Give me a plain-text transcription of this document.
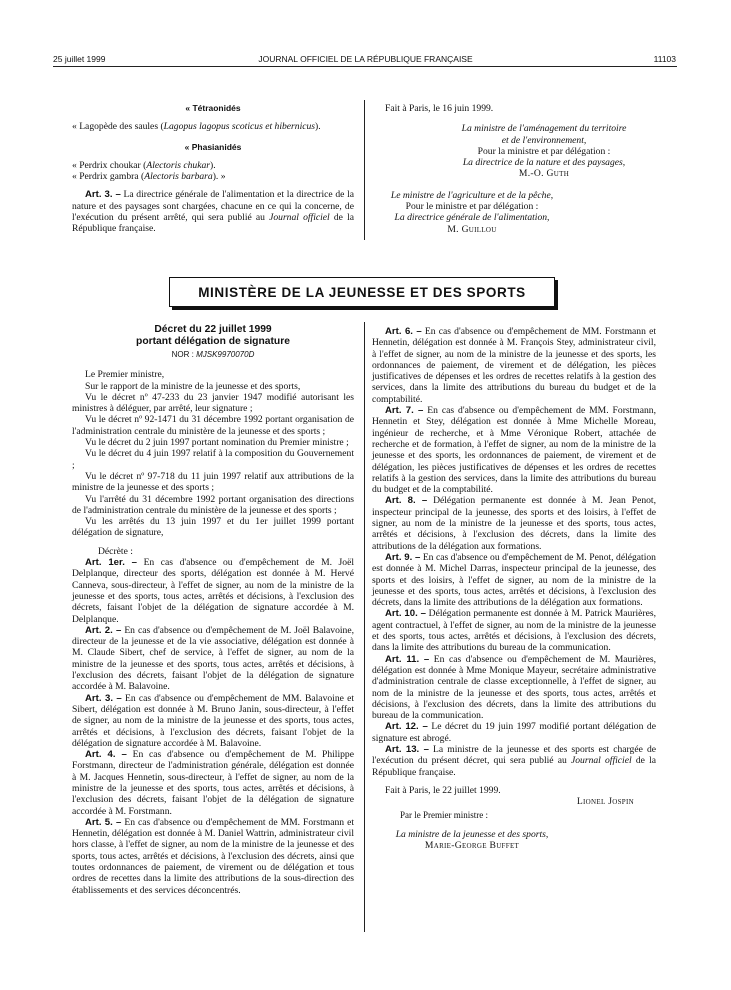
25 juillet 1999	JOURNAL OFFICIEL DE LA RÉPUBLIQUE FRANÇAISE	11103

« Tétraonidés

« Lagopède des saules (Lagopus lagopus scoticus et hibernicus).

« Phasianidés

« Perdrix choukar (Alectoris chukar).

« Perdrix gambra (Alectoris barbara). »

Art. 3. – La directrice générale de l'alimentation et la directrice de la nature et des paysages sont chargées, chacune en ce qui la concerne, de l'exécution du présent arrêté, qui sera publié au Journal officiel de la République française.

Fait à Paris, le 16 juin 1999.

La ministre de l'aménagement du territoire

et de l'environnement,

Pour la ministre et par délégation :

La directrice de la nature et des paysages,

M.-O. Guth

Le ministre de l'agriculture et de la pêche,

Pour le ministre et par délégation :

La directrice générale de l'alimentation,

M. Guillou

MINISTÈRE DE LA JEUNESSE ET DES SPORTS

Décret du 22 juillet 1999

portant délégation de signature

NOR : MJSK9970070D

Le Premier ministre,

Sur le rapport de la ministre de la jeunesse et des sports,

Vu le décret nº 47-233 du 23 janvier 1947 modifié autorisant les ministres à déléguer, par arrêté, leur signature ;

Vu le décret nº 92-1471 du 31 décembre 1992 portant organisation de l'administration centrale du ministère de la jeunesse et des sports ;

Vu le décret du 2 juin 1997 portant nomination du Premier ministre ;

Vu le décret du 4 juin 1997 relatif à la composition du Gouvernement ;

Vu le décret nº 97-718 du 11 juin 1997 relatif aux attributions de la ministre de la jeunesse et des sports ;

Vu l'arrêté du 31 décembre 1992 portant organisation des directions de l'administration centrale du ministère de la jeunesse et des sports ;

Vu les arrêtés du 13 juin 1997 et du 1er juillet 1999 portant délégation de signature,

Décrète :

Art. 1er. – En cas d'absence ou d'empêchement de M. Joël Delplanque, directeur des sports, délégation est donnée à M. Hervé Canneva, sous-directeur, à l'effet de signer, au nom de la ministre de la jeunesse et des sports, tous actes, arrêtés et décisions, à l'exclusion des décrets, faisant l'objet de la délégation de signature accordée à M. Delplanque.

Art. 2. – En cas d'absence ou d'empêchement de M. Joël Balavoine, directeur de la jeunesse et de la vie associative, délégation est donnée à M. Claude Sibert, chef de service, à l'effet de signer, au nom de la ministre de la jeunesse et des sports, tous actes, arrêtés et décisions, à l'exclusion des décrets, faisant l'objet de la délégation de signature accordée à M. Balavoine.

Art. 3. – En cas d'absence ou d'empêchement de MM. Balavoine et Sibert, délégation est donnée à M. Bruno Janin, sous-directeur, à l'effet de signer, au nom de la ministre de la jeunesse et des sports, tous actes, arrêtés et décisions, à l'exclusion des décrets, faisant l'objet de la délégation de signature accordée à M. Balavoine.

Art. 4. – En cas d'absence ou d'empêchement de M. Philippe Forstmann, directeur de l'administration générale, délégation est donnée à M. Jacques Hennetin, sous-directeur, à l'effet de signer, au nom de la ministre de la jeunesse et des sports, tous actes, arrêtés et décisions, à l'exclusion des décrets, faisant l'objet de la délégation de signature accordée à M. Forstmann.

Art. 5. – En cas d'absence ou d'empêchement de MM. Forstmann et Hennetin, délégation est donnée à M. Daniel Wattrin, administrateur civil hors classe, à l'effet de signer, au nom de la ministre de la jeunesse et des sports, tous actes, arrêtés et décisions, à l'exclusion des décrets, ainsi que toutes ordonnances de paiement, de virement ou de délégation et tous ordres de recettes dans la limite des attributions de la sous-direction des établissements et des services déconcentrés.

Art. 6. – En cas d'absence ou d'empêchement de MM. Forstmann et Hennetin, délégation est donnée à M. François Stey, administrateur civil, à l'effet de signer, au nom de la ministre de la jeunesse et des sports, les ordonnances de paiement, de virement et de délégation, les pièces justificatives de dépenses et les ordres de recettes relatifs à la gestion des services, dans la limite des attributions du bureau du budget et de la comptabilité.

Art. 7. – En cas d'absence ou d'empêchement de MM. Forstmann, Hennetin et Stey, délégation est donnée à Mme Michelle Moreau, ingénieur de recherche, et à Mme Véronique Robert, attachée de recherche et de formation, à l'effet de signer, au nom de la ministre de la jeunesse et des sports, les ordonnances de paiement, de virement et de délégation, les pièces justificatives de dépenses et les ordres de recettes relatifs à la gestion des services, dans la limite des attributions du bureau du budget et de la comptabilité.

Art. 8. – Délégation permanente est donnée à M. Jean Penot, inspecteur principal de la jeunesse, des sports et des loisirs, à l'effet de signer, au nom de la ministre de la jeunesse et des sports, tous actes, arrêtés et décisions, à l'exclusion des décrets, dans la limite des attributions de la délégation aux formations.

Art. 9. – En cas d'absence ou d'empêchement de M. Penot, délégation est donnée à M. Michel Darras, inspecteur principal de la jeunesse, des sports et des loisirs, à l'effet de signer, au nom de la ministre de la jeunesse et des sports, tous actes, arrêtés et décisions, à l'exclusion des décrets, dans la limite des attributions de la délégation aux formations.

Art. 10. – Délégation permanente est donnée à M. Patrick Maurières, agent contractuel, à l'effet de signer, au nom de la ministre de la jeunesse et des sports, tous actes, arrêtés et décisions, à l'exclusion des décrets, dans la limite des attributions du bureau de la communication.

Art. 11. – En cas d'absence ou d'empêchement de M. Maurières, délégation est donnée à Mme Monique Mayeur, secrétaire administrative d'administration centrale de classe exceptionnelle, à l'effet de signer, au nom de la ministre de la jeunesse et des sports, tous actes, arrêtés et décisions, à l'exclusion des décrets, dans la limite des attributions du bureau de la communication.

Art. 12. – Le décret du 19 juin 1997 modifié portant délégation de signature est abrogé.

Art. 13. – La ministre de la jeunesse et des sports est chargée de l'exécution du présent décret, qui sera publié au Journal officiel de la République française.

Fait à Paris, le 22 juillet 1999.

Lionel Jospin

Par le Premier ministre :

La ministre de la jeunesse et des sports,

Marie-George Buffet
